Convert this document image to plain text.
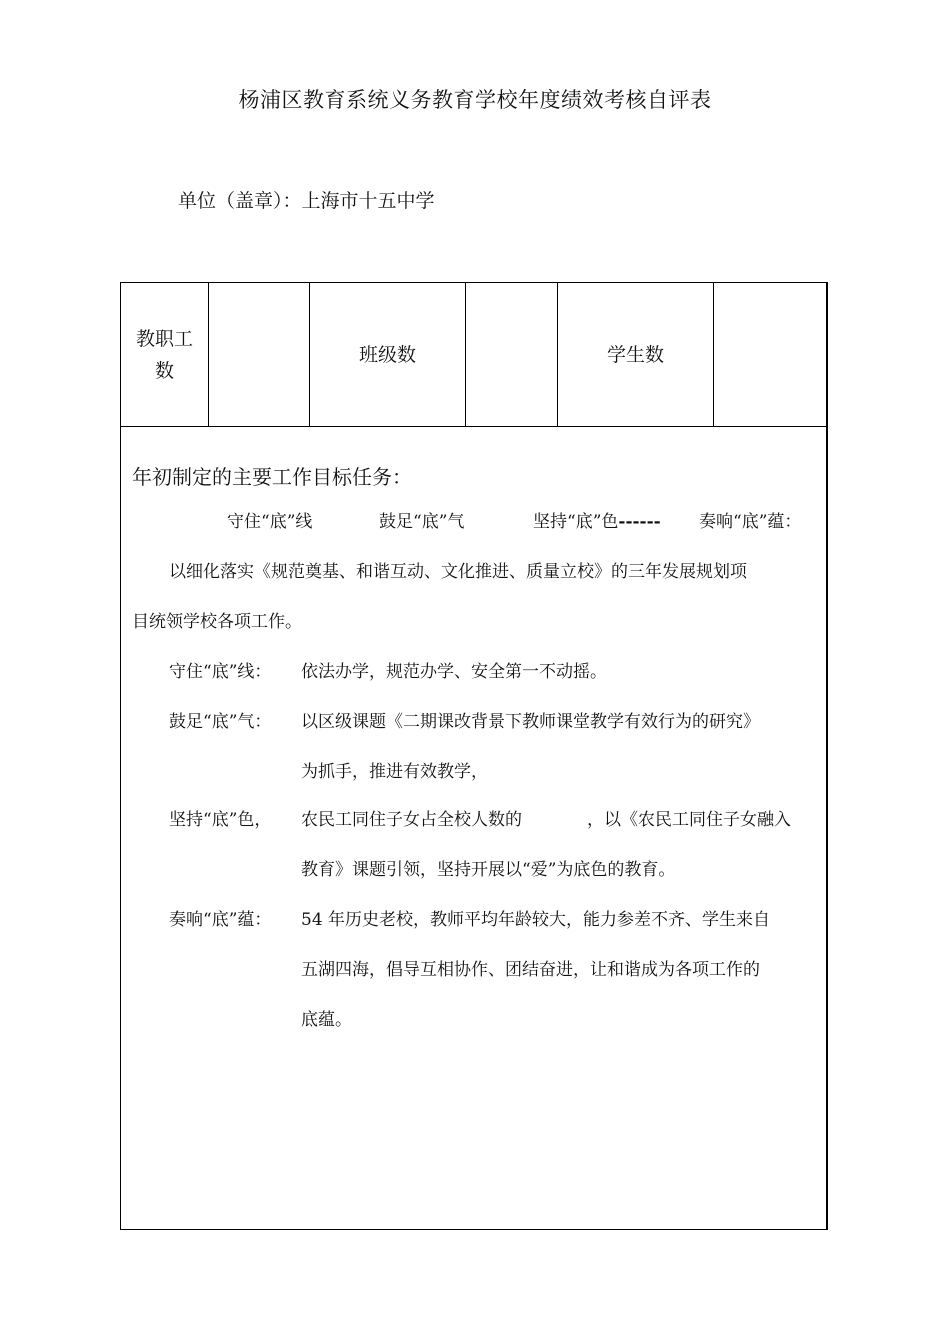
杨浦区教育系统义务教育学校年度绩效考核自评表
单位（盖章）：上海市十五中学
教职工
数
班级数	学生数
年初制定的主要工作目标任务：
守住“底”线	鼓足“底”气	坚持“底”色------ 奏响“底”蕴：
以细化落实《规范奠基、和谐互动、文化推进、质量立校》的三年发展规划项
目统领学校各项工作。
守住“底”线： 依法办学，规范办学、安全第一不动摇。
鼓足“底”气： 以区级课题《二期课改背景下教师课堂教学有效行为的研究》
为抓手，推进有效教学，
坚持“底”色， 农民工同住子女占全校人数的	，以《农民工同住子女融入
教育》课题引领，坚持开展以“爱”为底色的教育。
奏响“底”蕴： 54 年历史老校，教师平均年龄较大，能力参差不齐、学生来自
五湖四海，倡导互相协作、团结奋进，让和谐成为各项工作的
底蕴。
